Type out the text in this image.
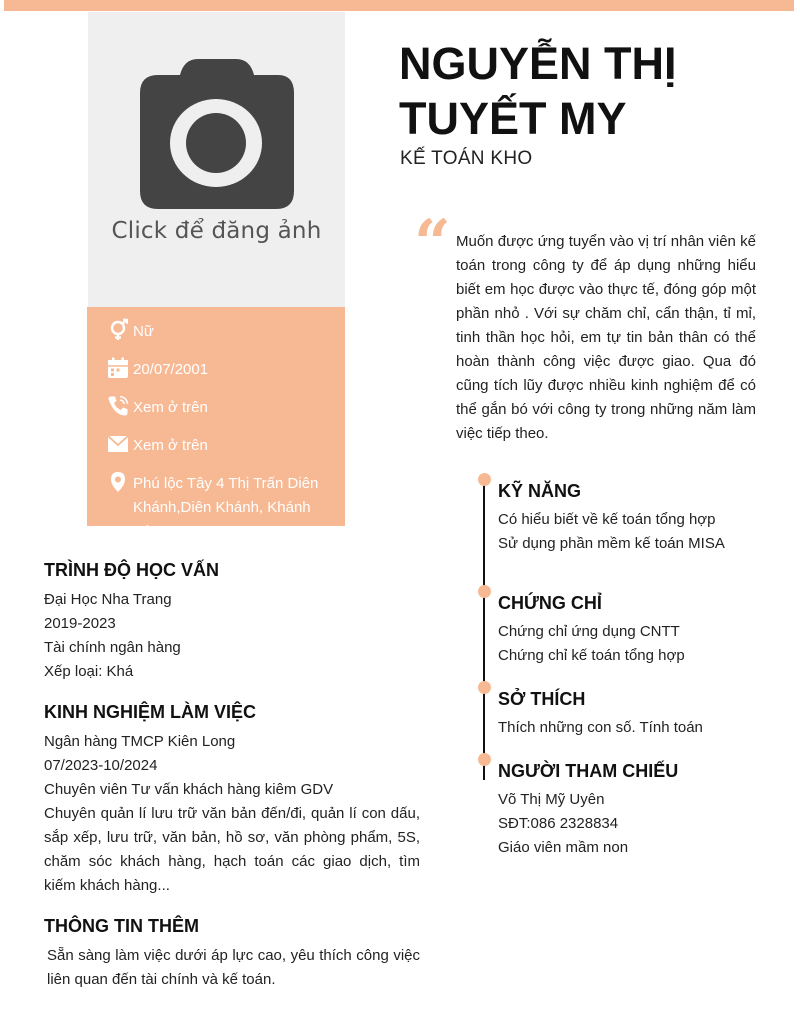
Click để đăng ảnh
Nữ
20/07/2001
Xem ở trên
Xem ở trên
Phú lộc Tây 4 Thị Trấn Diên Khánh,Diên Khánh, Khánh Hòa
NGUYỄN THỊ
TUYẾT MY
KẾ TOÁN KHO
“ Muốn được ứng tuyển vào vị trí nhân viên kế toán trong công ty để áp dụng những hiểu biết em học được vào thực tế, đóng góp một phần nhỏ . Với sự chăm chỉ, cẩn thận, tỉ mỉ, tinh thần học hỏi, em tự tin bản thân có thể hoàn thành công việc được giao. Qua đó cũng tích lũy được nhiều kinh nghiệm để có thể gắn bó với công ty trong những năm làm việc tiếp theo.
TRÌNH ĐỘ HỌC VẤN
Đại Học Nha Trang
2019-2023
Tài chính ngân hàng
Xếp loại: Khá
KINH NGHIỆM LÀM VIỆC
Ngân hàng TMCP Kiên Long
07/2023-10/2024
Chuyên viên Tư vấn khách hàng kiêm GDV
Chuyên quản lí lưu trữ văn bản đến/đi, quản lí con dấu, sắp xếp, lưu trữ, văn bản, hồ sơ, văn phòng phẩm, 5S, chăm sóc khách hàng, hạch toán các giao dịch, tìm kiếm khách hàng...
THÔNG TIN THÊM
Sẵn sàng làm việc dưới áp lực cao, yêu thích công việc liên quan đến tài chính và kế toán.
KỸ NĂNG
Có hiểu biết về kế toán tổng hợp
Sử dụng phần mềm kế toán MISA
CHỨNG CHỈ
Chứng chỉ ứng dụng CNTT
Chứng chỉ kế toán tổng hợp
SỞ THÍCH
Thích những con số. Tính toán
NGƯỜI THAM CHIẾU
Võ Thị Mỹ Uyên
SĐT:086 2328834
Giáo viên mầm non
